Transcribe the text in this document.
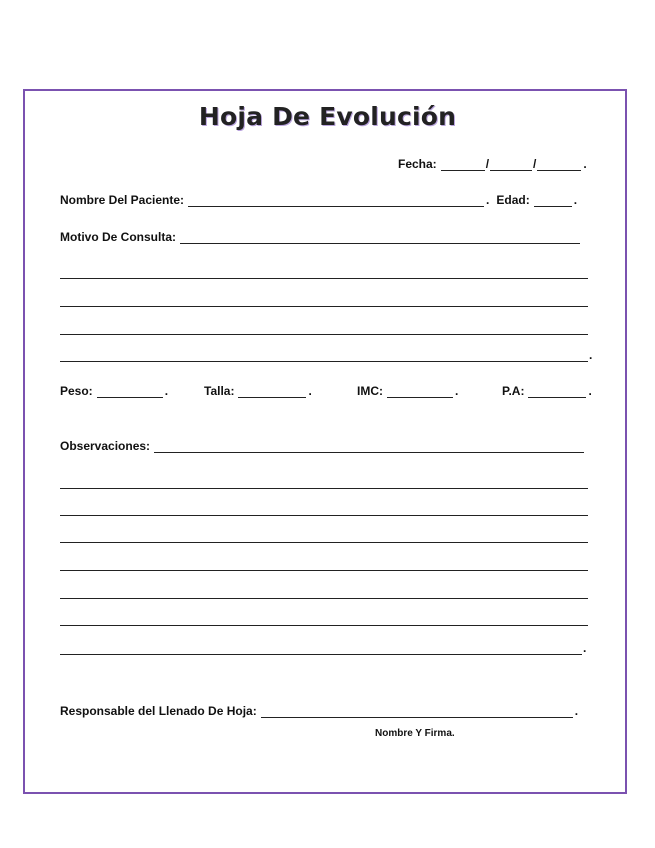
Hoja De Evolución
Fecha:	/	/	.
Nombre Del Paciente:	. Edad:	.
Motivo De Consulta:
.
Peso:	.	Talla:	.	IMC:	.	P.A:	.
Observaciones:
.
Responsable del Llenado De Hoja:	.
Nombre Y Firma.
